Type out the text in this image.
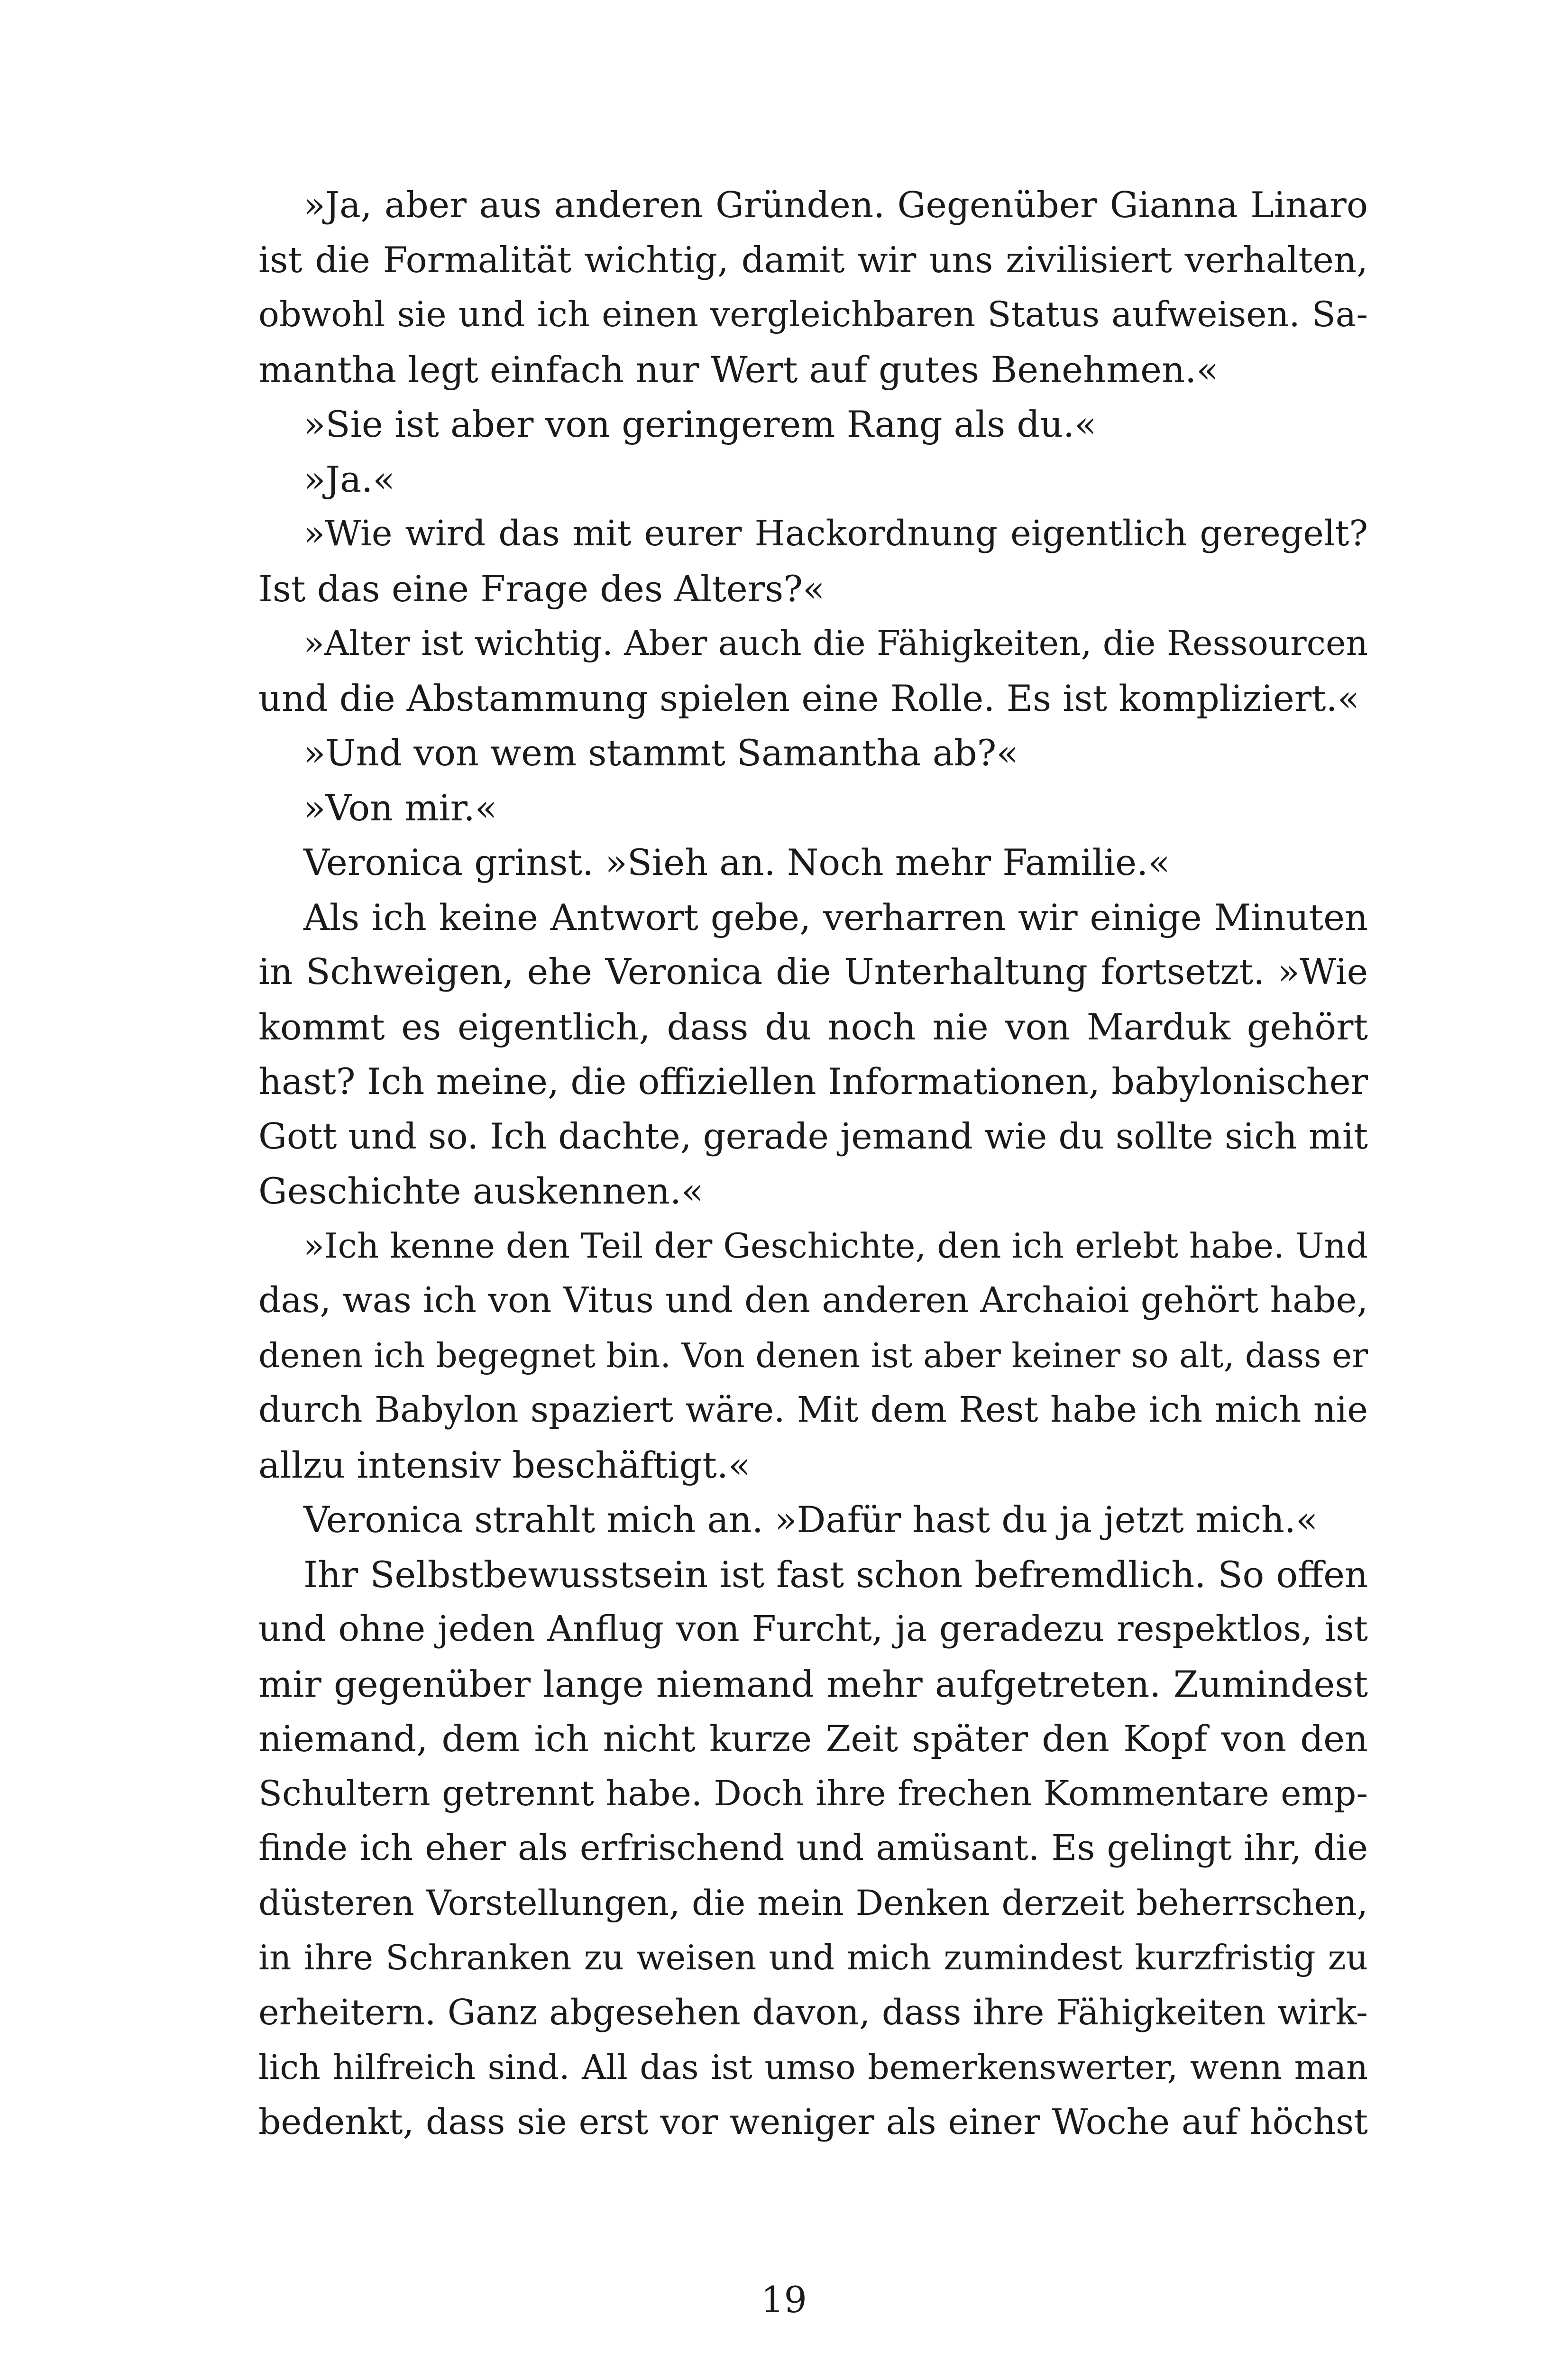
»Ja, aber aus anderen Gründen. Gegenüber Gianna Linaro
ist die Formalität wichtig, damit wir uns zivilisiert verhalten,
obwohl sie und ich einen vergleichbaren Status aufweisen. Sa-
mantha legt einfach nur Wert auf gutes Benehmen.«
»Sie ist aber von geringerem Rang als du.«
»Ja.«
»Wie wird das mit eurer Hackordnung eigentlich geregelt?
Ist das eine Frage des Alters?«
»Alter ist wichtig. Aber auch die Fähigkeiten, die Ressourcen
und die Abstammung spielen eine Rolle. Es ist kompliziert.«
»Und von wem stammt Samantha ab?«
»Von mir.«
Veronica grinst. »Sieh an. Noch mehr Familie.«
Als ich keine Antwort gebe, verharren wir einige Minuten
in Schweigen, ehe Veronica die Unterhaltung fortsetzt. »Wie
kommt es eigentlich, dass du noch nie von Marduk gehört
hast? Ich meine, die offiziellen Informationen, babylonischer
Gott und so. Ich dachte, gerade jemand wie du sollte sich mit
Geschichte auskennen.«
»Ich kenne den Teil der Geschichte, den ich erlebt habe. Und
das, was ich von Vitus und den anderen Archaioi gehört habe,
denen ich begegnet bin. Von denen ist aber keiner so alt, dass er
durch Babylon spaziert wäre. Mit dem Rest habe ich mich nie
allzu intensiv beschäftigt.«
Veronica strahlt mich an. »Dafür hast du ja jetzt mich.«
Ihr Selbstbewusstsein ist fast schon befremdlich. So offen
und ohne jeden Anflug von Furcht, ja geradezu respektlos, ist
mir gegenüber lange niemand mehr aufgetreten. Zumindest
niemand, dem ich nicht kurze Zeit später den Kopf von den
Schultern getrennt habe. Doch ihre frechen Kommentare emp-
finde ich eher als erfrischend und amüsant. Es gelingt ihr, die
düsteren Vorstellungen, die mein Denken derzeit beherrschen,
in ihre Schranken zu weisen und mich zumindest kurzfristig zu
erheitern. Ganz abgesehen davon, dass ihre Fähigkeiten wirk-
lich hilfreich sind. All das ist umso bemerkenswerter, wenn man
bedenkt, dass sie erst vor weniger als einer Woche auf höchst
19
